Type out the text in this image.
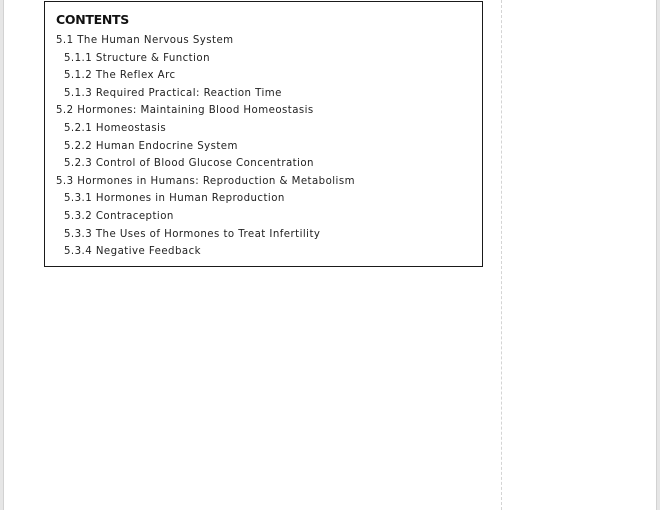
CONTENTS
5.1 The Human Nervous System
5.1.1 Structure & Function
5.1.2 The Reflex Arc
5.1.3 Required Practical: Reaction Time
5.2 Hormones: Maintaining Blood Homeostasis
5.2.1 Homeostasis
5.2.2 Human Endocrine System
5.2.3 Control of Blood Glucose Concentration
5.3 Hormones in Humans: Reproduction & Metabolism
5.3.1 Hormones in Human Reproduction
5.3.2 Contraception
5.3.3 The Uses of Hormones to Treat Infertility
5.3.4 Negative Feedback
